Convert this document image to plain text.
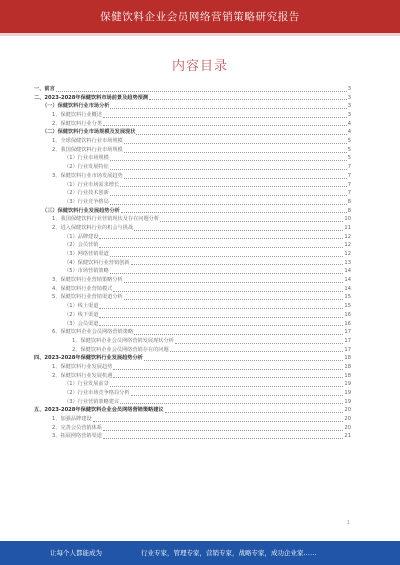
保健饮料企业会员网络营销策略研究报告
内容目录
一、前言	3
二、2023-2028年保健饮料市场前景及趋势预测	3
（一）保健饮料行业市场分析	3
1、保健饮料行业概述	3
2、保健饮料行业分类	4
（二）保健饮料行业市场规模及发展现状	4
1、全球保健饮料行业市场规模	5
2、我国保健饮料行业市场规模	5
（1）行业市场规模	5
（2）行业发展特征	7
3、保健饮料行业市场发展趋势	7
（1）行业市场需求增长	7
（2）行业技术创新	7
（3）行业竞争格局	8
（三）保健饮料行业发展趋势分析	8
1、我国保健饮料行业营销现状及存在问题分析	10
2、进入保健饮料行业的机会与挑战	11
（1）品牌建设	12
（2）会员营销	12
（3）网络营销渠道	12
（4）保健饮料行业营销创新	13
（5）市场营销策略	14
3、保健饮料行业营销策略分析	14
4、保健饮料行业营销模式	14
5、保健饮料行业营销渠道分析	15
（1）线上渠道	15
（2）线下渠道	16
（3）会员渠道	16
6、保健饮料企业会员网络营销策略	17
1、保健饮料企业会员网络营销发展现状分析	17
2、保健饮料企业会员网络营销存在的问题	17
四、2023-2028年保健饮料行业发展趋势分析	18
1、保健饮料行业发展趋势	18
2、保健饮料行业发展机遇	18
（1）行业发展前景	19
（2）行业市场竞争格局分析	19
（3）行业营销策略建议	19
五、2023-2028年保健饮料企业会员网络营销策略建议	20
1、加强品牌建设	20
2、完善会员营销体系	20
3、拓展网络营销渠道	21
1
让每个人都能成为	行业专家，管理专家，营销专家，战略专家，成功企业家……
